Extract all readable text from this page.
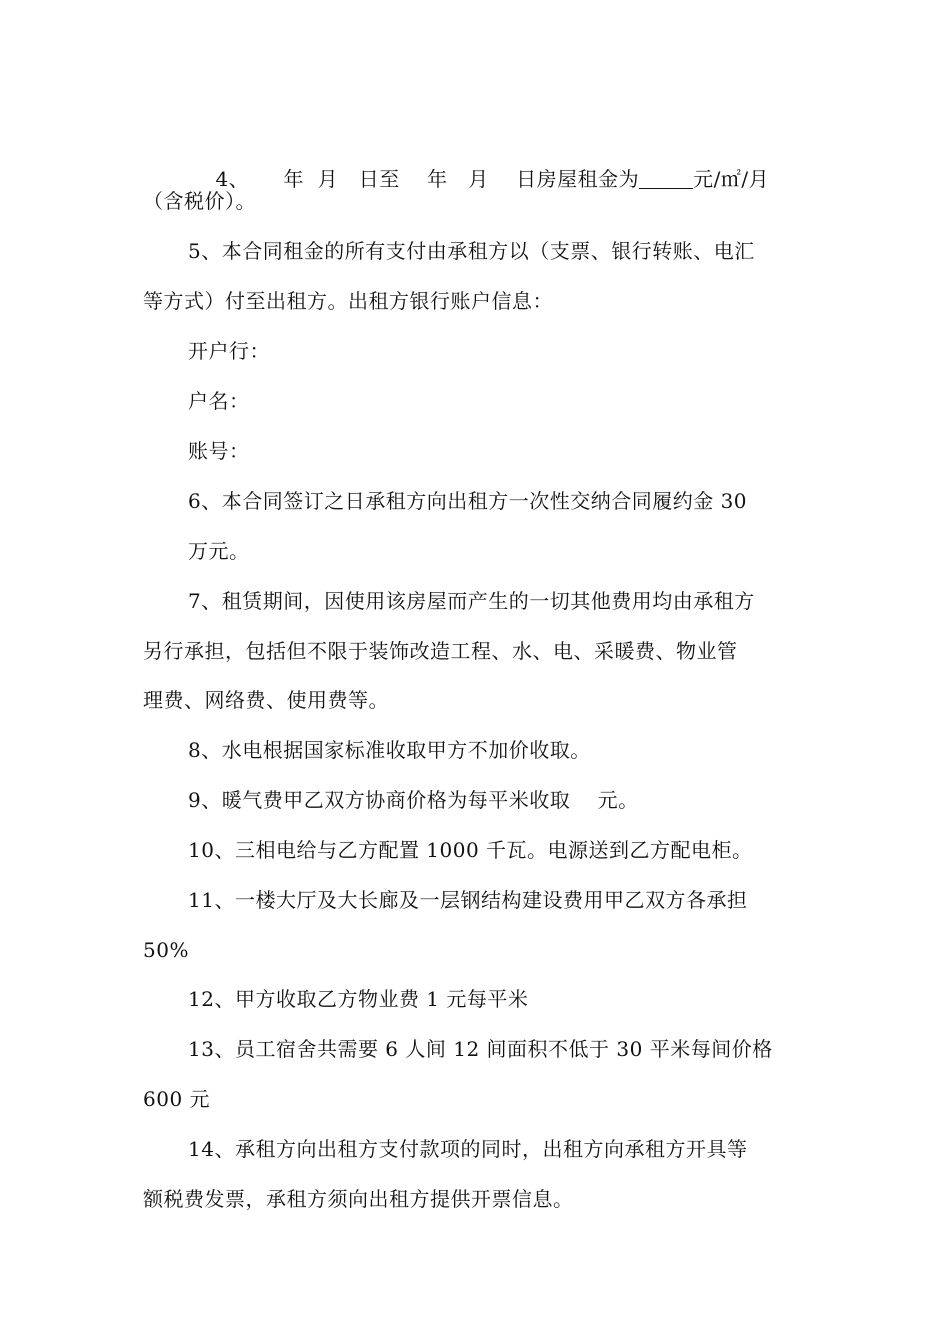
4、     年  月   日至    年   月    日房屋租金为	元/㎡/月

（含税价）。
5、本合同租金的所有支付由承租方以（支票、银行转账、电汇
等方式）付至出租方。出租方银行账户信息：
开户行：
户名：
账号：
6、本合同签订之日承租方向出租方一次性交纳合同履约金 30
万元。
7、租赁期间，因使用该房屋而产生的一切其他费用均由承租方
另行承担，包括但不限于装饰改造工程、水、电、采暖费、物业管
理费、网络费、使用费等。
8、水电根据国家标准收取甲方不加价收取。
9、暖气费甲乙双方协商价格为每平米收取    元。
10、三相电给与乙方配置 1000 千瓦。电源送到乙方配电柜。
11、一楼大厅及大长廊及一层钢结构建设费用甲乙双方各承担
50%
12、甲方收取乙方物业费 1 元每平米
13、员工宿舍共需要 6 人间 12 间面积不低于 30 平米每间价格
600 元
14、承租方向出租方支付款项的同时，出租方向承租方开具等
额税费发票，承租方须向出租方提供开票信息。
